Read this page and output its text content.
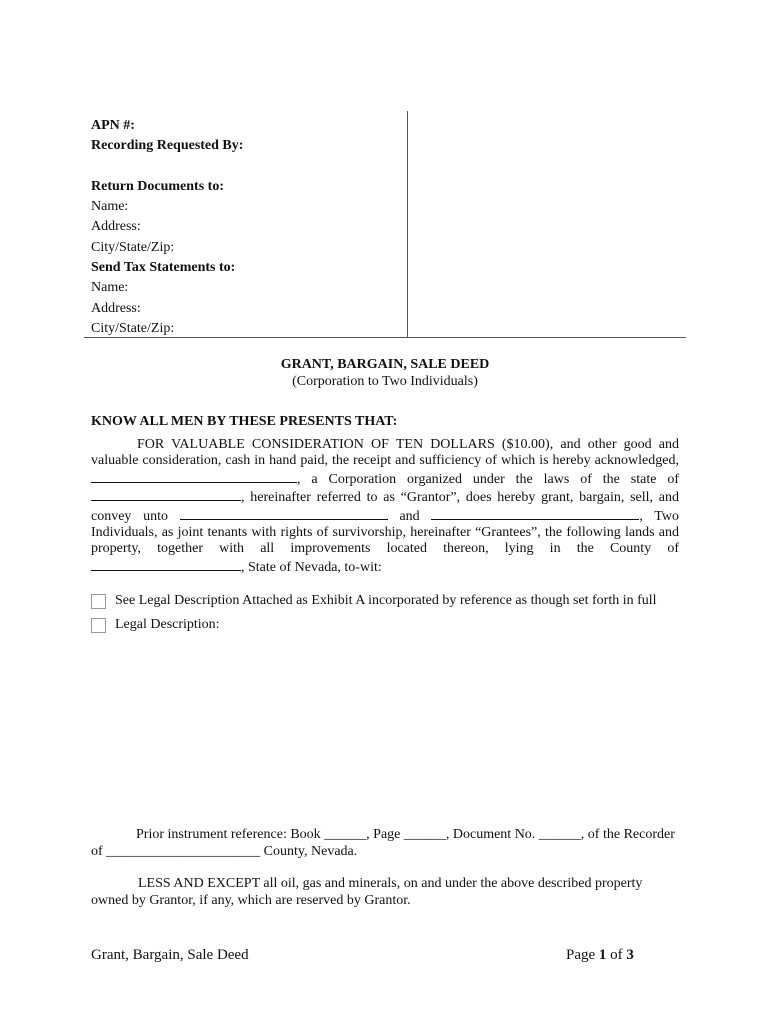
APN #:
Recording Requested By:

Return Documents to:
Name:
Address:
City/State/Zip:
Send Tax Statements to:
Name:
Address:
City/State/Zip:
GRANT, BARGAIN, SALE DEED
(Corporation to Two Individuals)
KNOW ALL MEN BY THESE PRESENTS THAT:
FOR VALUABLE CONSIDERATION OF TEN DOLLARS ($10.00), and other good and valuable consideration, cash in hand paid, the receipt and sufficiency of which is hereby acknowledged, , a Corporation organized under the laws of the state of , hereinafter referred to as “Grantor”, does hereby grant, bargain, sell, and convey unto	and	, Two Individuals, as joint tenants with rights of survivorship, hereinafter “Grantees”, the following lands and property, together with all improvements located thereon, lying in the County of , State of Nevada, to-wit:
See Legal Description Attached as Exhibit A incorporated by reference as though set forth in full
Legal Description:
Prior instrument reference: Book ______, Page ______, Document No. ______, of the Recorder of ______________________ County, Nevada.
LESS AND EXCEPT all oil, gas and minerals, on and under the above described property owned by Grantor, if any, which are reserved by Grantor.
Grant, Bargain, Sale Deed	Page 1 of 3
